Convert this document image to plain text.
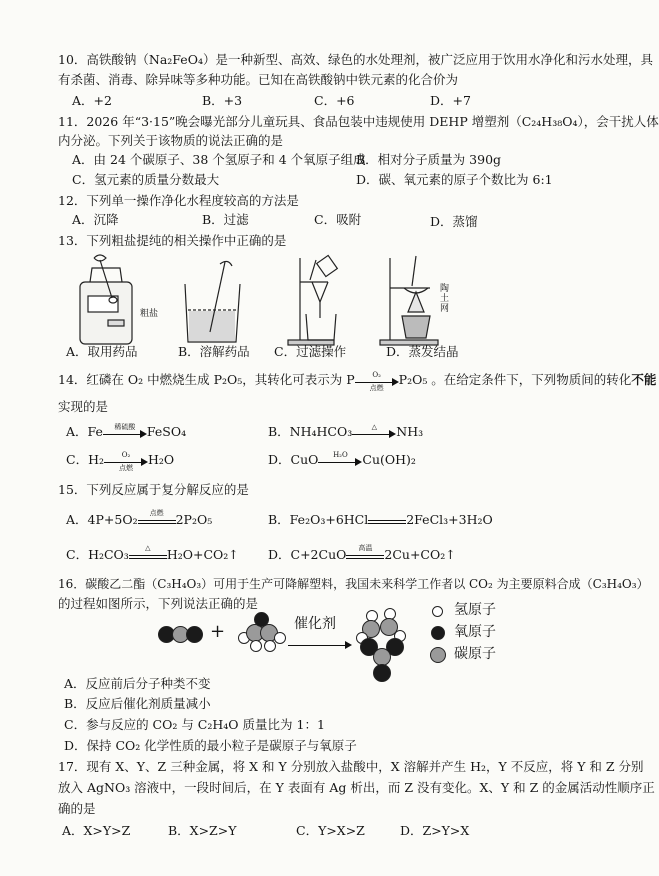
10．高铁酸钠（Na₂FeO₄）是一种新型、高效、绿色的水处理剂，被广泛应用于饮用水净化和污水处理，具
有杀菌、消毒、除异味等多种功能。已知在高铁酸钠中铁元素的化合价为
A．+2	B．+3	C．+6	D．+7
11．2026 年“3·15”晚会曝光部分儿童玩具、食品包装中违规使用 DEHP 增塑剂（C₂₄H₃₈O₄），会干扰人体
内分泌。下列关于该物质的说法正确的是
A．由 24 个碳原子、38 个氢原子和 4 个氧原子组成
B．相对分子质量为 390g
C．氢元素的质量分数最大	D．碳、氧元素的原子个数比为 6:1
12．下列单一操作净化水程度较高的方法是
A．沉降	B．过滤	C．吸附	D．蒸馏
13．下列粗盐提纯的相关操作中正确的是
粗盐
陶土网
A．取用药品	B．溶解药品 C．过滤操作	D．蒸发结晶
14．红磷在 O₂ 中燃烧生成 P₂O₅，其转化可表示为 P	O₂
点燃
P₂O₅ 。在给定条件下，下列物质间的转化不能
实现的是
A．Fe	稀硫酸 FeSO₄	B．NH₄HCO₃	△	NH₃
C．H₂	O₂
点燃
H₂O	D．CuO	H₂O	Cu(OH)₂
15．下列反应属于复分解反应的是
A．4P+5O₂	点燃 2P₂O₅	B．Fe₂O₃+6HCl	2FeCl₃+3H₂O
C．H₂CO₃	△	H₂O+CO₂↑ D．C+2CuO	高温 2Cu+CO₂↑
16．碳酸乙二酯（C₃H₄O₃）可用于生产可降解塑料，我国未来科学工作者以 CO₂ 为主要原料合成（C₃H₄O₃）
的过程如图所示，下列说法正确的是
+	催化剂
氢原子
氧原子
碳原子
A．反应前后分子种类不变
B．反应后催化剂质量减小
C．参与反应的 CO₂ 与 C₂H₄O 质量比为 1：1
D．保持 CO₂ 化学性质的最小粒子是碳原子与氧原子
17．现有 X、Y、Z 三种金属，将 X 和 Y 分别放入盐酸中，X 溶解并产生 H₂，Y 不反应，将 Y 和 Z 分别
放入 AgNO₃ 溶液中，一段时间后，在 Y 表面有 Ag 析出，而 Z 没有变化。X、Y 和 Z 的金属活动性顺序正
确的是
A．X>Y>Z	B．X>Z>Y	C．Y>X>Z	D．Z>Y>X
